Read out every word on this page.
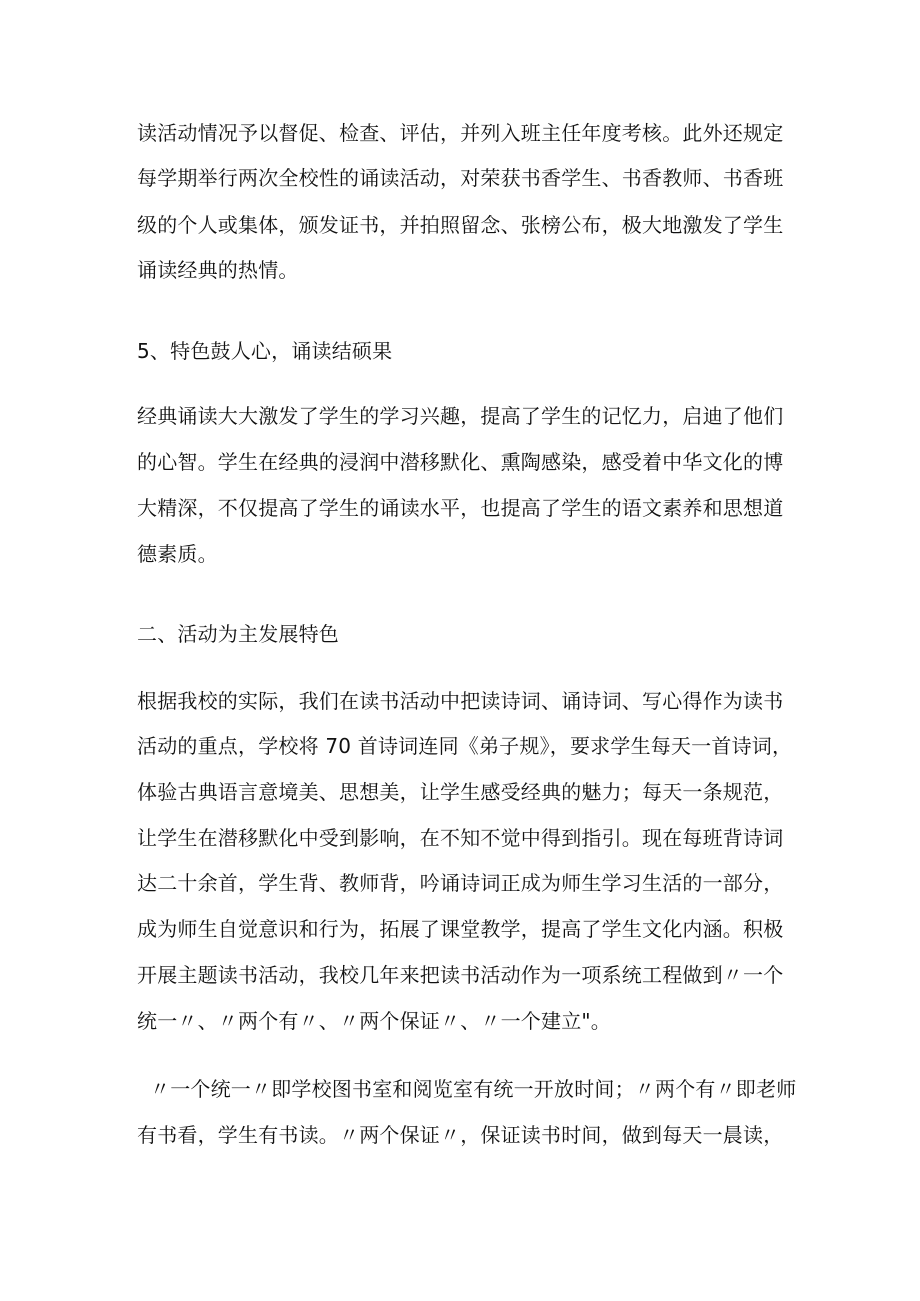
读活动情况予以督促、检查、评估，并列入班主任年度考核。此外还规定
每学期举行两次全校性的诵读活动，对荣获书香学生、书香教师、书香班
级的个人或集体，颁发证书，并拍照留念、张榜公布，极大地激发了学生
诵读经典的热情。
5、特色鼓人心，诵读结硕果
经典诵读大大激发了学生的学习兴趣，提高了学生的记忆力，启迪了他们
的心智。学生在经典的浸润中潜移默化、熏陶感染，感受着中华文化的博
大精深，不仅提高了学生的诵读水平，也提高了学生的语文素养和思想道
德素质。
二、活动为主发展特色
根据我校的实际，我们在读书活动中把读诗词、诵诗词、写心得作为读书
活动的重点，学校将 70 首诗词连同《弟子规》，要求学生每天一首诗词，
体验古典语言意境美、思想美，让学生感受经典的魅力；每天一条规范，
让学生在潜移默化中受到影响，在不知不觉中得到指引。现在每班背诗词
达二十余首，学生背、教师背，吟诵诗词正成为师生学习生活的一部分，
成为师生自觉意识和行为，拓展了课堂教学，提高了学生文化内涵。积极
开展主题读书活动，我校几年来把读书活动作为一项系统工程做到〃一个
统一〃、〃两个有〃、〃两个保证〃、〃一个建立"。
〃一个统一〃即学校图书室和阅览室有统一开放时间；〃两个有〃即老师
有书看，学生有书读。〃两个保证〃，保证读书时间，做到每天一晨读，
